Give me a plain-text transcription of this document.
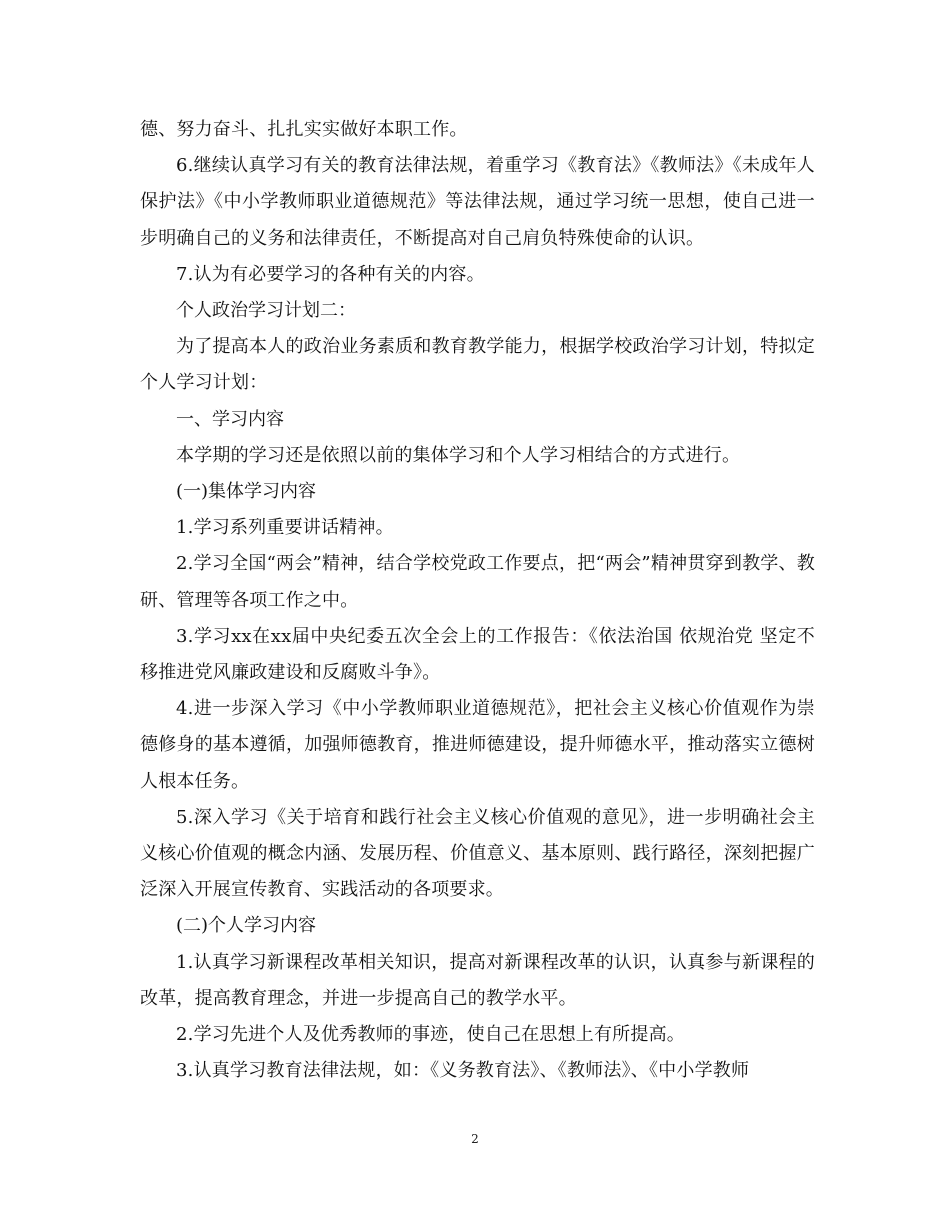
德、努力奋斗、扎扎实实做好本职工作。

6.继续认真学习有关的教育法律法规，着重学习《教育法》《教师法》《未成年人保护法》《中小学教师职业道德规范》等法律法规，通过学习统一思想，使自己进一步明确自己的义务和法律责任，不断提高对自己肩负特殊使命的认识。

7.认为有必要学习的各种有关的内容。

个人政治学习计划二：

为了提高本人的政治业务素质和教育教学能力，根据学校政治学习计划，特拟定个人学习计划：

一、学习内容

本学期的学习还是依照以前的集体学习和个人学习相结合的方式进行。

(一)集体学习内容

1.学习系列重要讲话精神。

2.学习全国“两会”精神，结合学校党政工作要点，把“两会”精神贯穿到教学、教研、管理等各项工作之中。

3.学习xx在xx届中央纪委五次全会上的工作报告：《依法治国 依规治党 坚定不移推进党风廉政建设和反腐败斗争》。

4.进一步深入学习《中小学教师职业道德规范》，把社会主义核心价值观作为崇德修身的基本遵循，加强师德教育，推进师德建设，提升师德水平，推动落实立德树人根本任务。

5.深入学习《关于培育和践行社会主义核心价值观的意见》，进一步明确社会主义核心价值观的概念内涵、发展历程、价值意义、基本原则、践行路径，深刻把握广泛深入开展宣传教育、实践活动的各项要求。

(二)个人学习内容

1.认真学习新课程改革相关知识，提高对新课程改革的认识，认真参与新课程的改革，提高教育理念，并进一步提高自己的教学水平。

2.学习先进个人及优秀教师的事迹，使自己在思想上有所提高。

3.认真学习教育法律法规，如：《义务教育法》、《教师法》、《中小学教师

2
